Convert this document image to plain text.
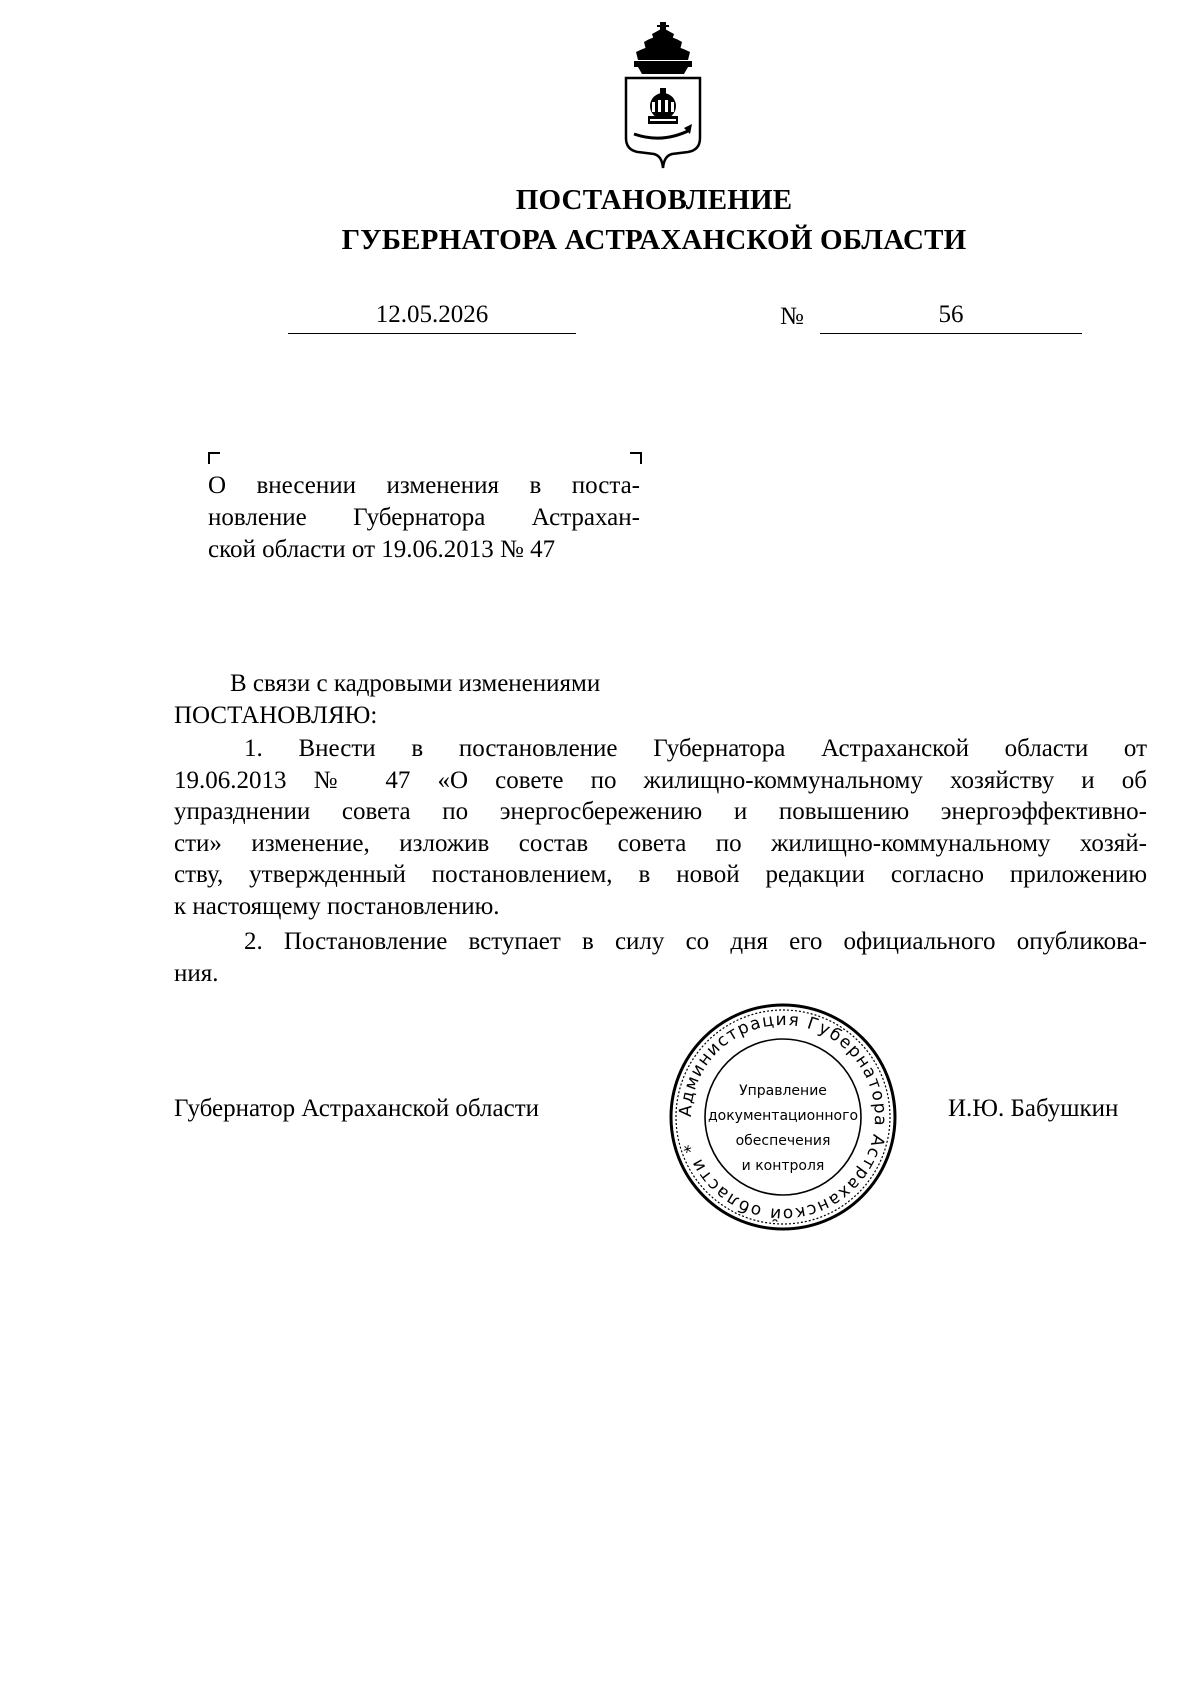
ПОСТАНОВЛЕНИЕ
ГУБЕРНАТОРА АСТРАХАНСКОЙ ОБЛАСТИ
12.05.2026	№	56
О внесении изменения в поста-
новление Губернатора Астрахан-
ской области от 19.06.2013 № 47
В связи с кадровыми изменениями
ПОСТАНОВЛЯЮ:
1. Внести в постановление Губернатора Астраханской области от
19.06.2013 № 47 «О совете по жилищно-коммунальному хозяйству и об
упразднении совета по энергосбережению и повышению энергоэффективно-
сти» изменение, изложив состав совета по жилищно-коммунальному хозяй-
ству, утвержденный постановлением, в новой редакции согласно приложению
к настоящему постановлению.
2. Постановление вступает в силу со дня его официального опубликова-
ния.
Губернатор Астраханской области	И.Ю. Бабушкин
Администрация Губернатора Астраханской области *
Управление
документационного
обеспечения
и контроля
